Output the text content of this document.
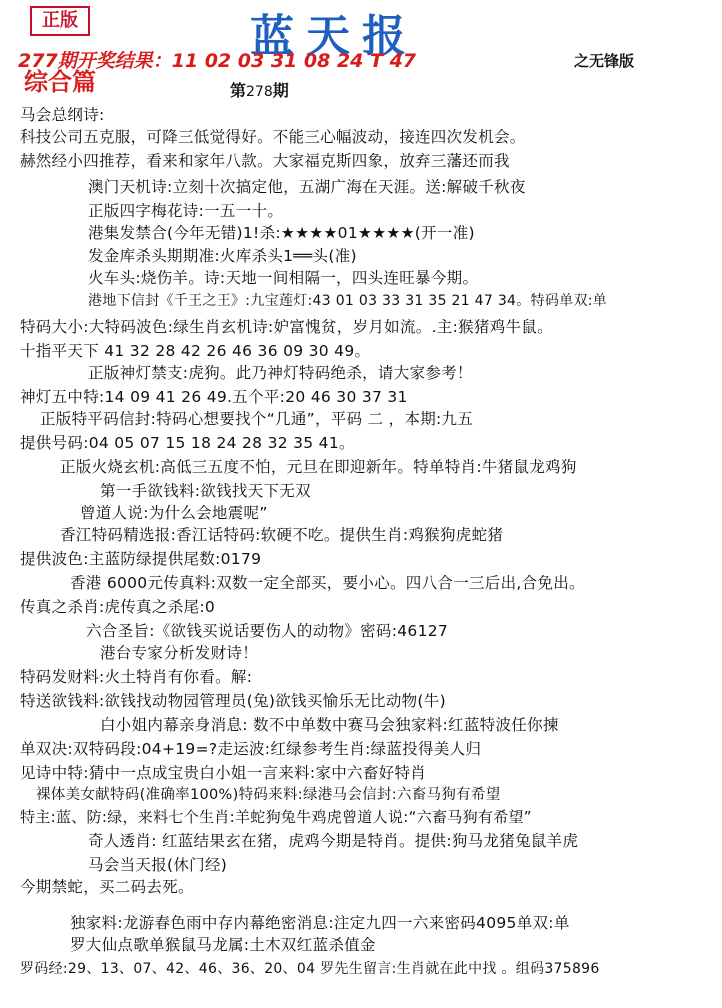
正版	蓝天报
277期开奖结果：11 02 03 31 08 24 T 47	之无锋版
综合篇	第278期
马会总纲诗:
科技公司五克服，可降三低觉得好。不能三心幅波动，接连四次发机会。
赫然经小四推荐，看来和家年八款。大家福克斯四象，放弃三藩还而我
澳门天机诗:立刻十次搞定他，五湖广海在天涯。送:解破千秋夜
正版四字梅花诗:一五一十。
港集发禁合(今年无错)1!杀:★★★★01★★★★(开一准)
发金库杀头期期准:火库杀头1══头(准)
火车头:烧伤羊。诗:天地一间相隔一，四头连旺暴今期。
港地下信封《千王之王》:九宝莲灯:43 01 03 33 31 35 21 47 34。特码单双:单
特码大小:大特码波色:绿生肖玄机诗:妒富愧贫，岁月如流。.主:猴猪鸡牛鼠。
十指平天下 41 32 28 42 26 46 36 09 30 49。
正版神灯禁支:虎狗。此乃神灯特码绝杀，请大家参考！
神灯五中特:14 09 41 26 49.五个平:20 46 30 37 31
正版特平码信封:特码心想要找个“几通”，平码 二 ，本期:九五
提供号码:04 05 07 15 18 24 28 32 35 41。
正版火烧玄机:高低三五度不怕，元旦在即迎新年。特单特肖:牛猪鼠龙鸡狗
第一手欲钱料:欲钱找天下无双
曾道人说:为什么会地震呢”
香江特码精选报:香江话特码:软硬不吃。提供生肖:鸡猴狗虎蛇猪
提供波色:主蓝防绿提供尾数:0179
香港 6000元传真料:双数一定全部买，要小心。四八合一三后出,合免出。
传真之杀肖:虎传真之杀尾:0
六合圣旨:《欲钱买说话要伤人的动物》密码:46127
港台专家分析发财诗！
特码发财料:火土特肖有你看。解:
特送欲钱料:欲钱找动物园管理员(兔)欲钱买愉乐无比动物(牛)
白小姐内幕亲身消息: 数不中单数中赛马会独家料:红蓝特波任你揀
单双决:双特码段:04+19=?走运波:红绿参考生肖:绿蓝投得美人归
见诗中特:猜中一点成宝贵白小姐一言来料:家中六畜好特肖
裸体美女献特码(准确率100%)特码来料:绿港马会信封:六畜马狗有希望
特主:蓝、防:绿，来料七个生肖:羊蛇狗兔牛鸡虎曾道人说:“六畜马狗有希望”
奇人透肖: 红蓝结果玄在猪，虎鸡今期是特肖。提供:狗马龙猪兔鼠羊虎
马会当天报(休门经)
今期禁蛇，买二码去死。
独家料:龙游春色雨中存内幕绝密消息:注定九四一六来密码4095单双:单
罗大仙点歌单猴鼠马龙属:土木双红蓝杀值金
罗码经:29、13、07、42、46、36、20、04 罗先生留言:生肖就在此中找 。组码375896
